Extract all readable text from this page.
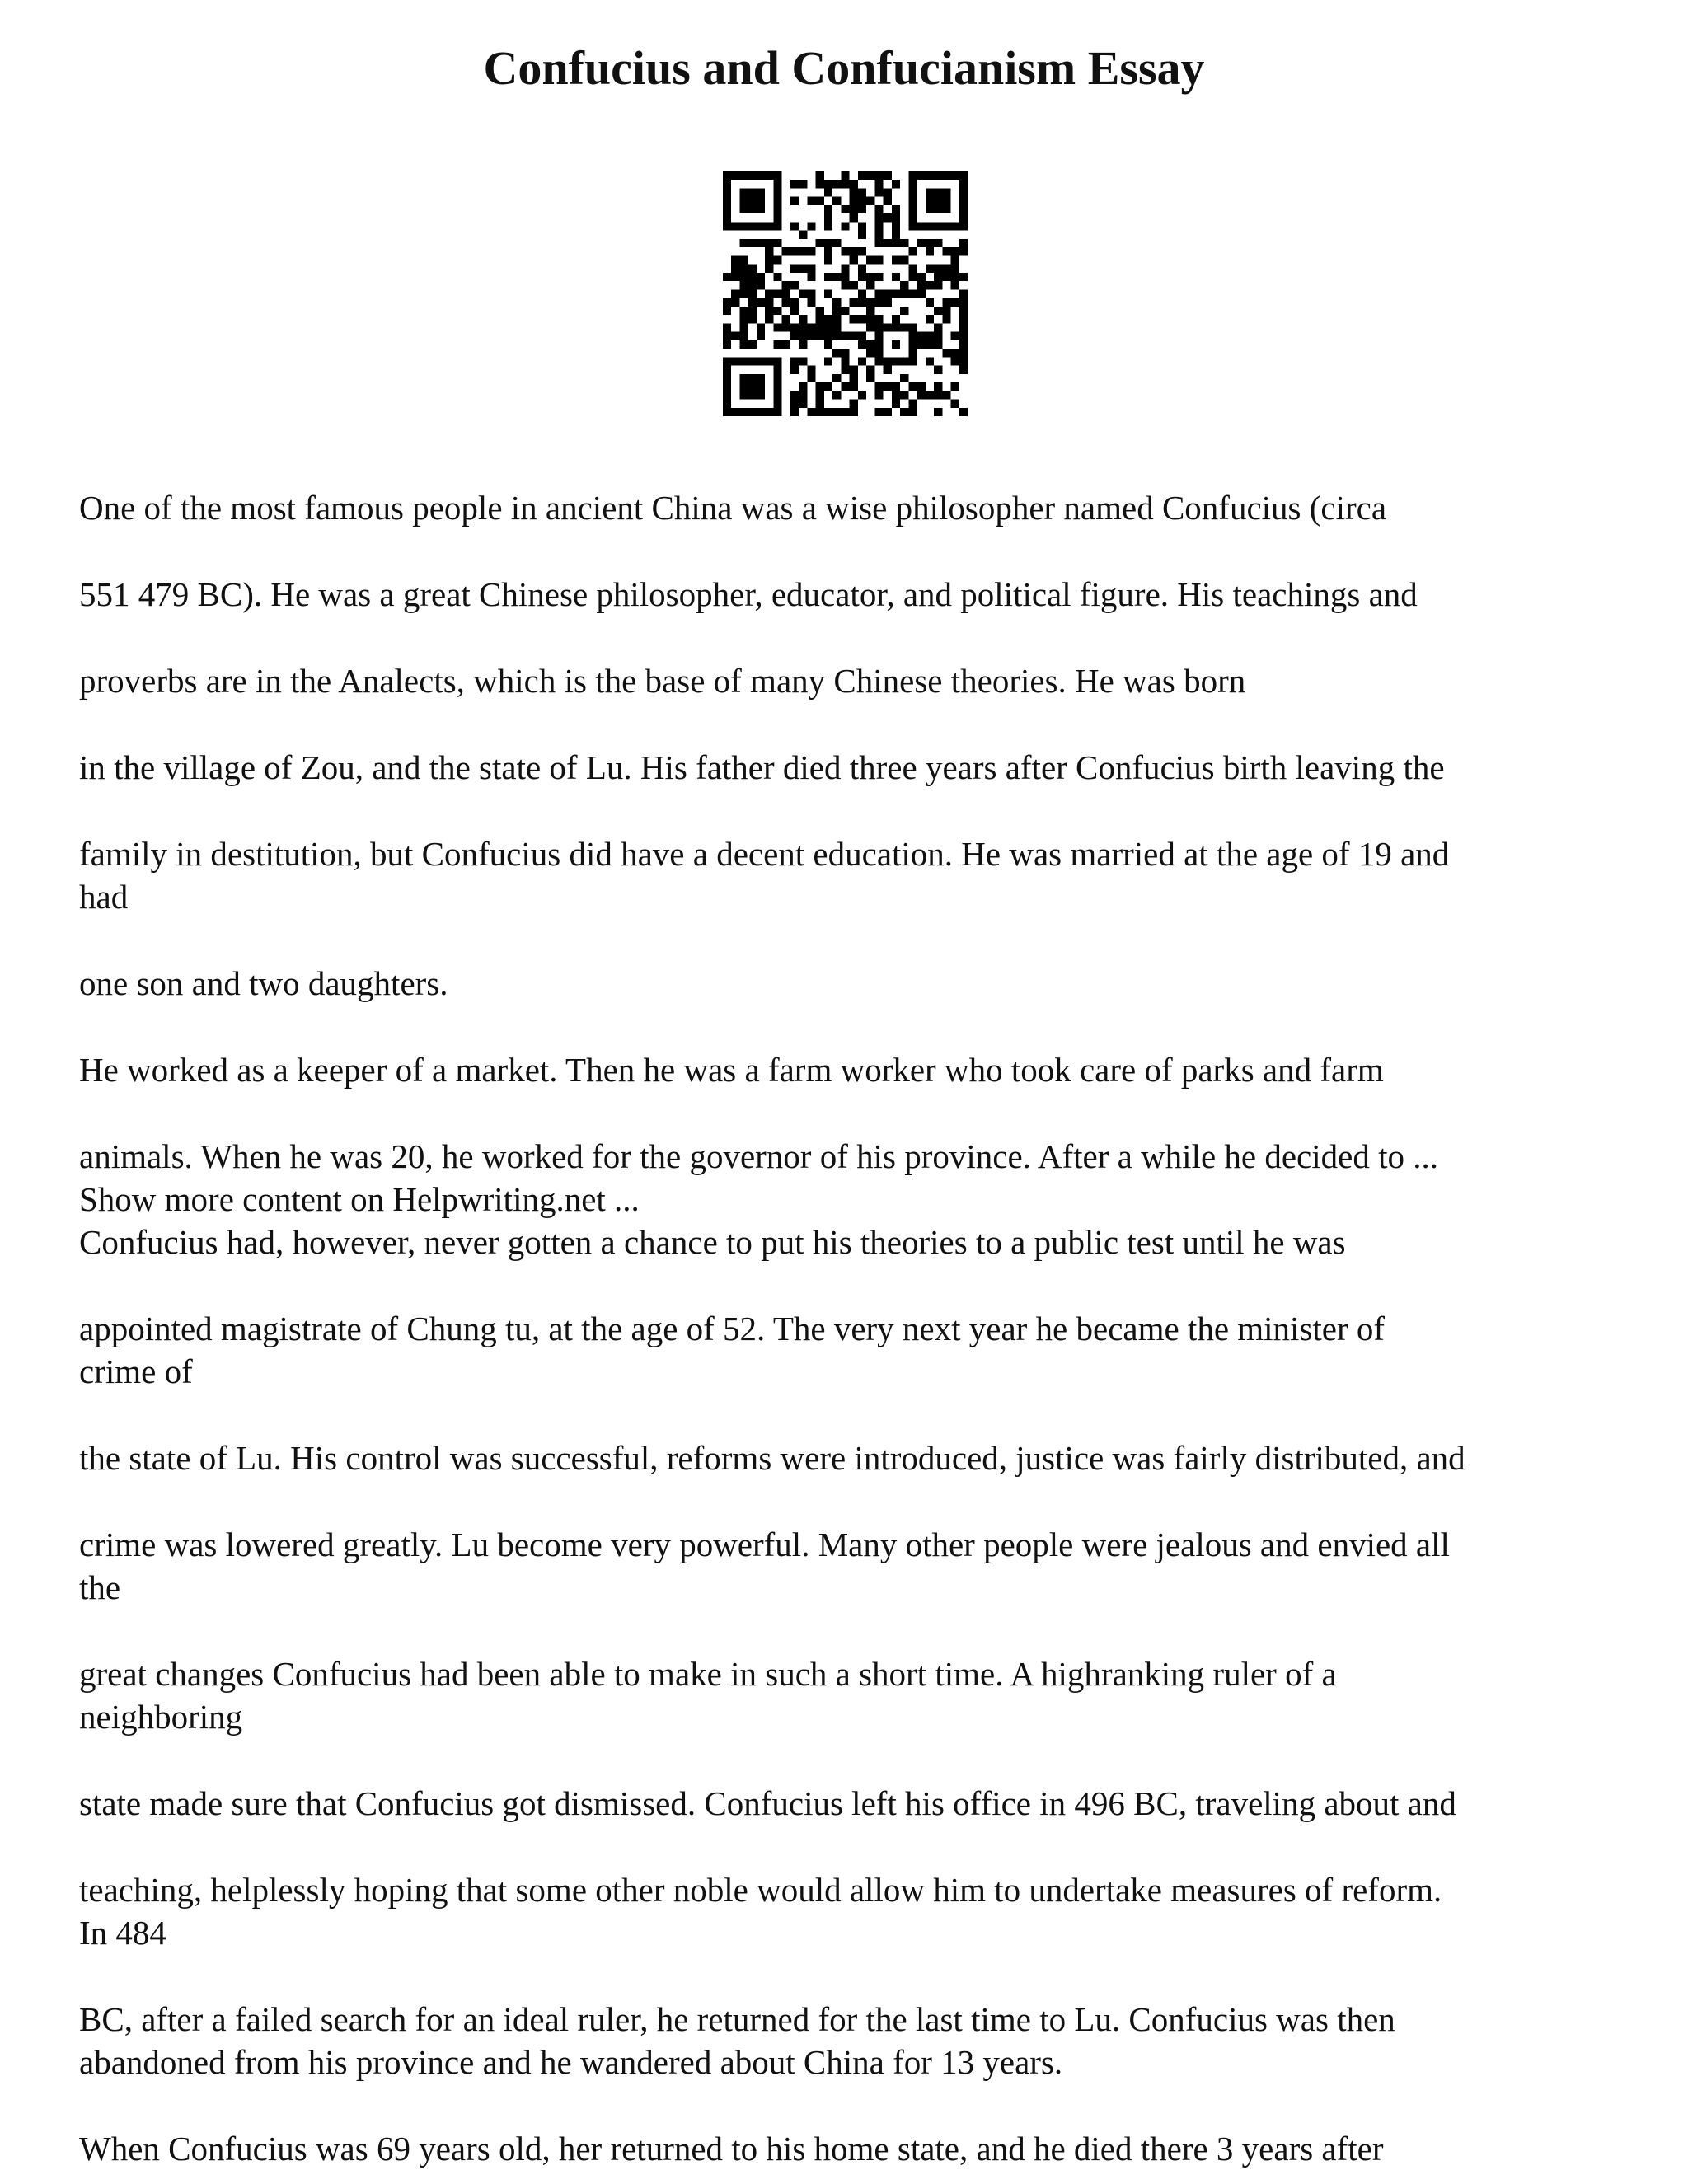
Confucius and Confucianism Essay

One of the most famous people in ancient China was a wise philosopher named Confucius (circa

551 479 BC). He was a great Chinese philosopher, educator, and political figure. His teachings and

proverbs are in the Analects, which is the base of many Chinese theories. He was born

in the village of Zou, and the state of Lu. His father died three years after Confucius birth leaving the

family in destitution, but Confucius did have a decent education. He was married at the age of 19 and

had

one son and two daughters.

He worked as a keeper of a market. Then he was a farm worker who took care of parks and farm

animals. When he was 20, he worked for the governor of his province. After a while he decided to ...

Show more content on Helpwriting.net ...

Confucius had, however, never gotten a chance to put his theories to a public test until he was

appointed magistrate of Chung tu, at the age of 52. The very next year he became the minister of

crime of

the state of Lu. His control was successful, reforms were introduced, justice was fairly distributed, and

crime was lowered greatly. Lu become very powerful. Many other people were jealous and envied all

the

great changes Confucius had been able to make in such a short time. A highranking ruler of a

neighboring

state made sure that Confucius got dismissed. Confucius left his office in 496 BC, traveling about and

teaching, helplessly hoping that some other noble would allow him to undertake measures of reform.

In 484

BC, after a failed search for an ideal ruler, he returned for the last time to Lu. Confucius was then

abandoned from his province and he wandered about China for 13 years.

When Confucius was 69 years old, her returned to his home state, and he died there 3 years after
